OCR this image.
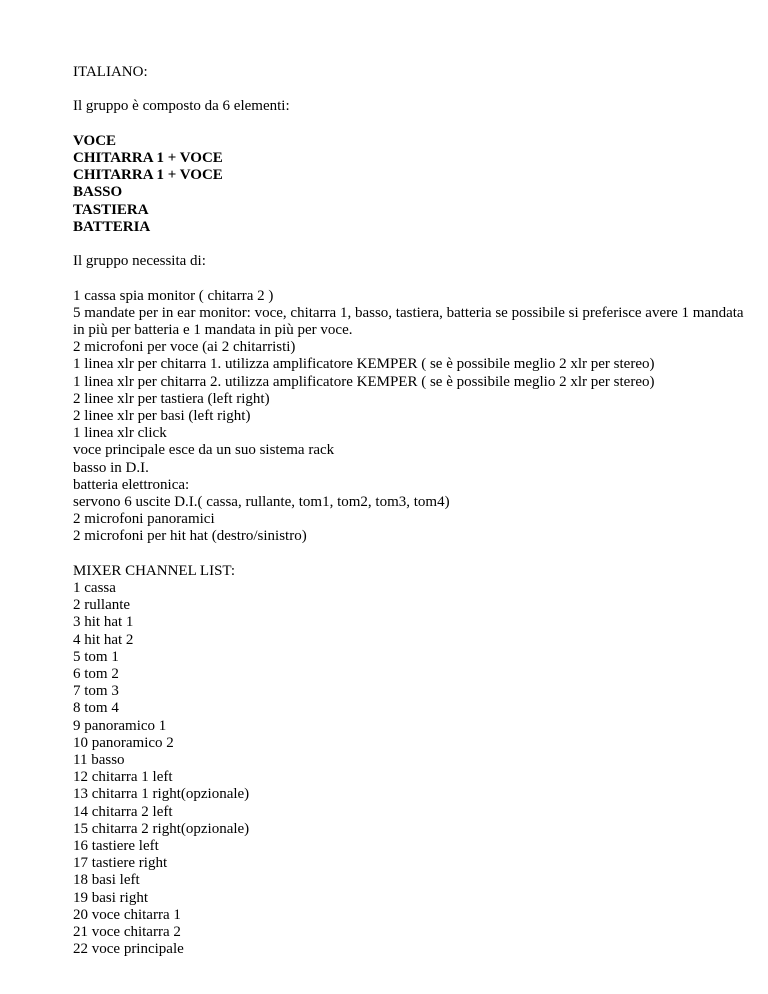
ITALIANO:
Il gruppo è composto da 6 elementi:
VOCE
CHITARRA 1 + VOCE
CHITARRA 1 + VOCE
BASSO
TASTIERA
BATTERIA
Il gruppo necessita di:
1 cassa spia monitor ( chitarra 2 )
5 mandate per in ear monitor: voce, chitarra 1, basso, tastiera, batteria se possibile si preferisce avere 1 mandata in più per batteria e 1 mandata in più per voce.
2 microfoni per voce (ai 2 chitarristi)
1 linea xlr per chitarra 1. utilizza amplificatore KEMPER ( se è possibile meglio 2 xlr per stereo)
1 linea xlr per chitarra 2. utilizza amplificatore KEMPER ( se è possibile meglio 2 xlr per stereo)
2 linee xlr per tastiera (left right)
2 linee xlr per basi (left right)
1 linea xlr click
voce principale esce da un suo sistema rack
basso in D.I.
batteria elettronica:
servono 6 uscite D.I.( cassa, rullante, tom1, tom2, tom3, tom4)
2 microfoni panoramici
2 microfoni per hit hat (destro/sinistro)
MIXER CHANNEL LIST:
1 cassa
2 rullante
3 hit hat 1
4 hit hat 2
5 tom 1
6 tom 2
7 tom 3
8 tom 4
9 panoramico 1
10 panoramico 2
11 basso
12 chitarra 1 left
13 chitarra 1 right(opzionale)
14 chitarra 2 left
15 chitarra 2 right(opzionale)
16 tastiere left
17 tastiere right
18 basi left
19 basi right
20 voce chitarra 1
21 voce chitarra 2
22 voce principale
